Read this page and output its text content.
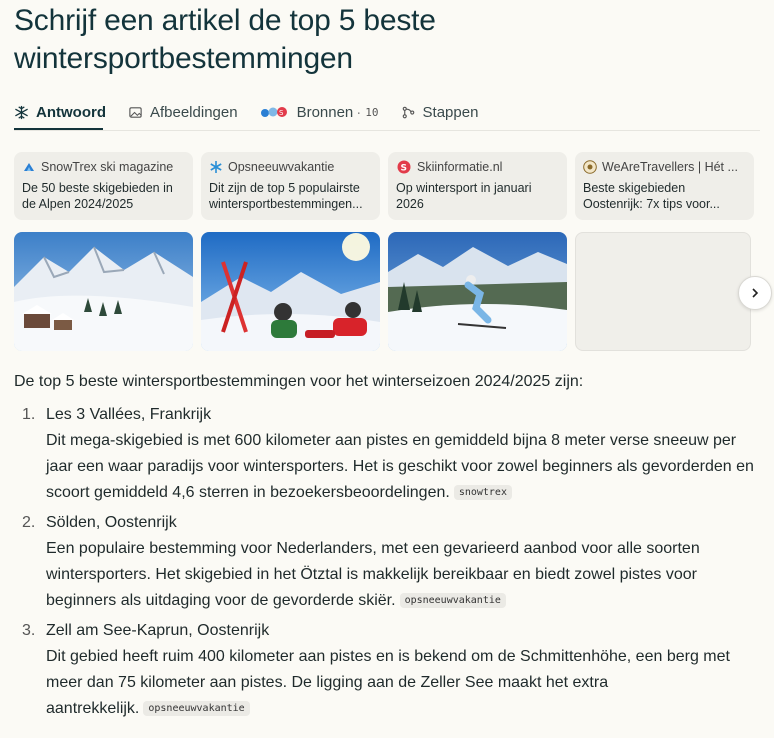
Schrijf een artikel de top 5 beste wintersportbestemmingen
Antwoord	Afbeeldingen	S Bronnen · 10	Stappen
SnowTrex ski magazine
De 50 beste skigebieden in de Alpen 2024/2025
Opsneeuwvakantie
Dit zijn de top 5 populairste wintersportbestemmingen...
S Skiinformatie.nl
Op wintersport in januari 2026
WeAreTravellers | Hét ...
Beste skigebieden Oostenrijk: 7x tips voor...
De top 5 beste wintersportbestemmingen voor het winterseizoen 2024/2025 zijn:
1. Les 3 Vallées, Frankrijk
Dit mega-skigebied is met 600 kilometer aan pistes en gemiddeld bijna 8 meter verse sneeuw per jaar een waar paradijs voor wintersporters. Het is geschikt voor zowel beginners als gevorderden en scoort gemiddeld 4,6 sterren in bezoekersbeoordelingen. snowtrex
2. Sölden, Oostenrijk
Een populaire bestemming voor Nederlanders, met een gevarieerd aanbod voor alle soorten wintersporters. Het skigebied in het Ötztal is makkelijk bereikbaar en biedt zowel pistes voor beginners als uitdaging voor de gevorderde skiër. opsneeuwvakantie
3. Zell am See-Kaprun, Oostenrijk
Dit gebied heeft ruim 400 kilometer aan pistes en is bekend om de Schmittenhöhe, een berg met meer dan 75 kilometer aan pistes. De ligging aan de Zeller See maakt het extra aantrekkelijk. opsneeuwvakantie
